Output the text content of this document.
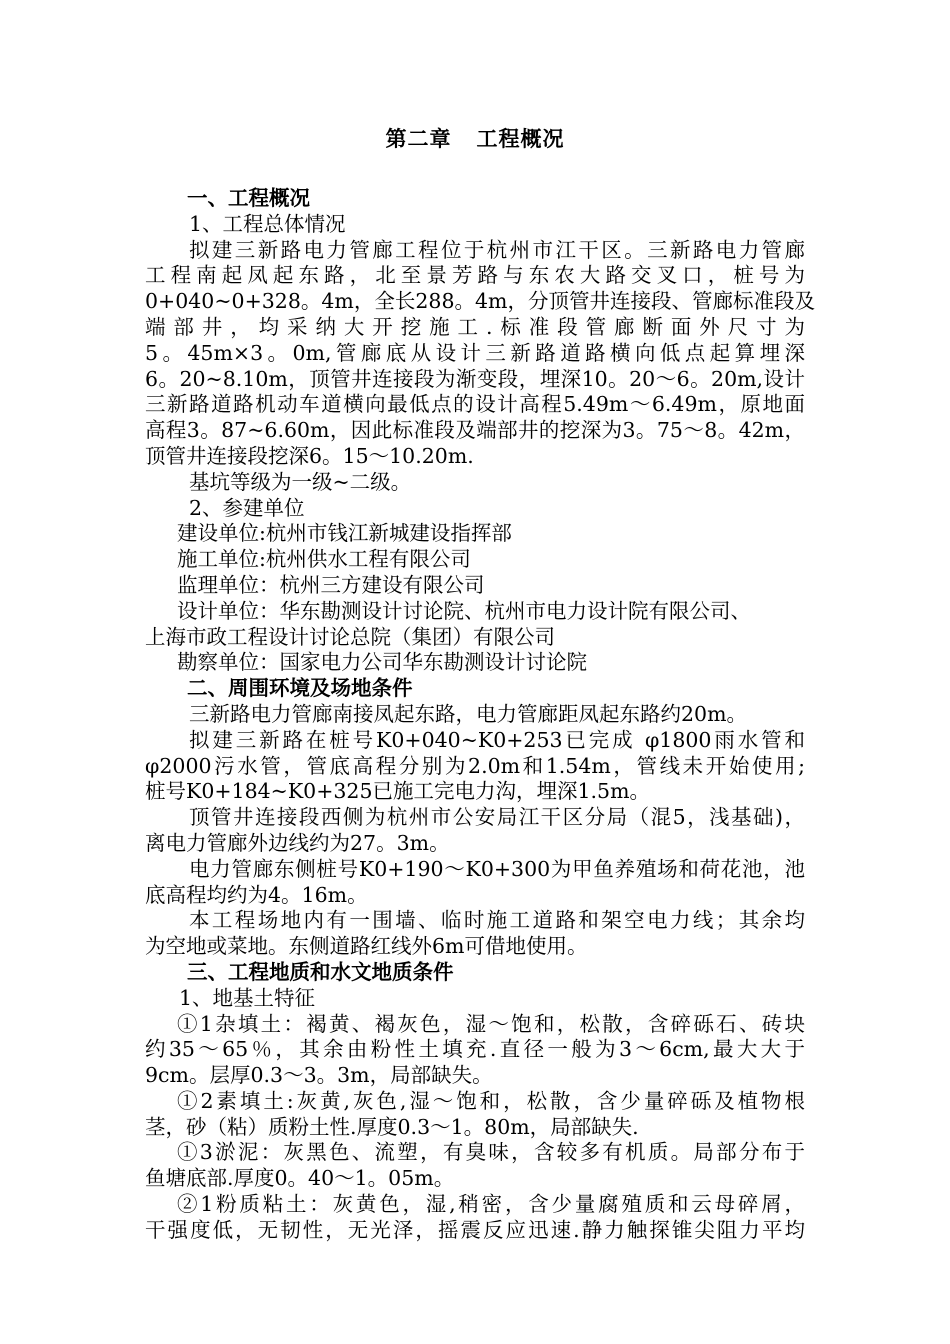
第二章   工程概况
一、工程概况
1、工程总体情况
拟建三新路电力管廊工程位于杭州市江干区。三新路电力管廊
工程南起凤起东路，北至景芳路与东农大路交叉口，桩号为
0+040~0+328。4m，全长288。4m，分顶管井连接段、管廊标准段及
端部井，均采纳大开挖施工.标准段管廊断面外尺寸为
5。45m×3。0m,管廊底从设计三新路道路横向低点起算埋深
6。20~8.10m，顶管井连接段为渐变段，埋深10。20～6。20m,设计
三新路道路机动车道横向最低点的设计高程5.49m～6.49m，原地面
高程3。87~6.60m，因此标准段及端部井的挖深为3。75～8。42m，
顶管井连接段挖深6。15～10.20m.
基坑等级为一级~二级。
2、参建单位
建设单位:杭州市钱江新城建设指挥部
施工单位:杭州供水工程有限公司
监理单位：杭州三方建设有限公司
设计单位：华东勘测设计讨论院、杭州市电力设计院有限公司、
上海市政工程设计讨论总院（集团）有限公司
勘察单位：国家电力公司华东勘测设计讨论院
二、周围环境及场地条件
三新路电力管廊南接凤起东路，电力管廊距凤起东路约20m。
拟建三新路在桩号K0+040~K0+253已完成 φ1800雨水管和
φ2000污水管，管底高程分别为2.0m和1.54m，管线未开始使用;
桩号K0+184~K0+325已施工完电力沟，埋深1.5m。
顶管井连接段西侧为杭州市公安局江干区分局（混5，浅基础)，
离电力管廊外边线约为27。3m。
电力管廊东侧桩号K0+190～K0+300为甲鱼养殖场和荷花池，池
底高程均约为4。16m。
本工程场地内有一围墙、临时施工道路和架空电力线；其余均
为空地或菜地。东侧道路红线外6m可借地使用。
三、工程地质和水文地质条件
1、地基土特征
①1杂填土：褐黄、褐灰色，湿～饱和，松散，含碎砾石、砖块
约35～65％，其余由粉性土填充.直径一般为3～6cm,最大大于
9cm。层厚0.3～3。3m，局部缺失。
①2素填土:灰黄,灰色,湿～饱和，松散，含少量碎砾及植物根
茎，砂（粘）质粉土性.厚度0.3～1。80m，局部缺失.
①3淤泥：灰黑色、流塑，有臭味，含较多有机质。局部分布于
鱼塘底部.厚度0。40～1。05m。
②1粉质粘土：灰黄色，湿,稍密，含少量腐殖质和云母碎屑，
干强度低，无韧性，无光泽，摇震反应迅速.静力触探锥尖阻力平均
